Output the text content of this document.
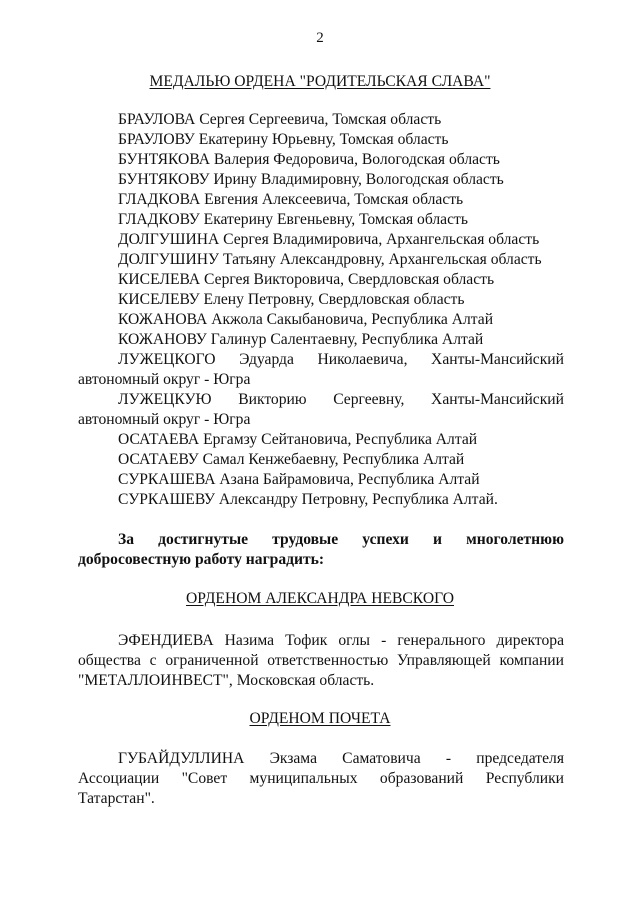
2
МЕДАЛЬЮ ОРДЕНА "РОДИТЕЛЬСКАЯ СЛАВА"
БРАУЛОВА Сергея Сергеевича, Томская область
БРАУЛОВУ Екатерину Юрьевну, Томская область
БУНТЯКОВА Валерия Федоровича, Вологодская область
БУНТЯКОВУ Ирину Владимировну, Вологодская область
ГЛАДКОВА Евгения Алексеевича, Томская область
ГЛАДКОВУ Екатерину Евгеньевну, Томская область
ДОЛГУШИНА Сергея Владимировича, Архангельская область
ДОЛГУШИНУ Татьяну Александровну, Архангельская область
КИСЕЛЕВА Сергея Викторовича, Свердловская область
КИСЕЛЕВУ Елену Петровну, Свердловская область
КОЖАНОВА Акжола Сакыбановича, Республика Алтай
КОЖАНОВУ Галинур Салентаевну, Республика Алтай
ЛУЖЕЦКОГО Эдуарда Николаевича, Ханты-Мансийский
автономный округ - Югра
ЛУЖЕЦКУЮ Викторию Сергеевну, Ханты-Мансийский
автономный округ - Югра
ОСАТАЕВА Ергамзу Сейтановича, Республика Алтай
ОСАТАЕВУ Самал Кенжебаевну, Республика Алтай
СУРКАШЕВА Азана Байрамовича, Республика Алтай
СУРКАШЕВУ Александру Петровну, Республика Алтай.
За достигнутые трудовые успехи и многолетнюю
добросовестную работу наградить:
ОРДЕНОМ АЛЕКСАНДРА НЕВСКОГО
ЭФЕНДИЕВА Назима Тофик оглы - генерального директора
общества с ограниченной ответственностью Управляющей компании
"МЕТАЛЛОИНВЕСТ", Московская область.
ОРДЕНОМ ПОЧЕТА
ГУБАЙДУЛЛИНА Экзама Саматовича - председателя
Ассоциации "Совет муниципальных образований Республики
Татарстан".
